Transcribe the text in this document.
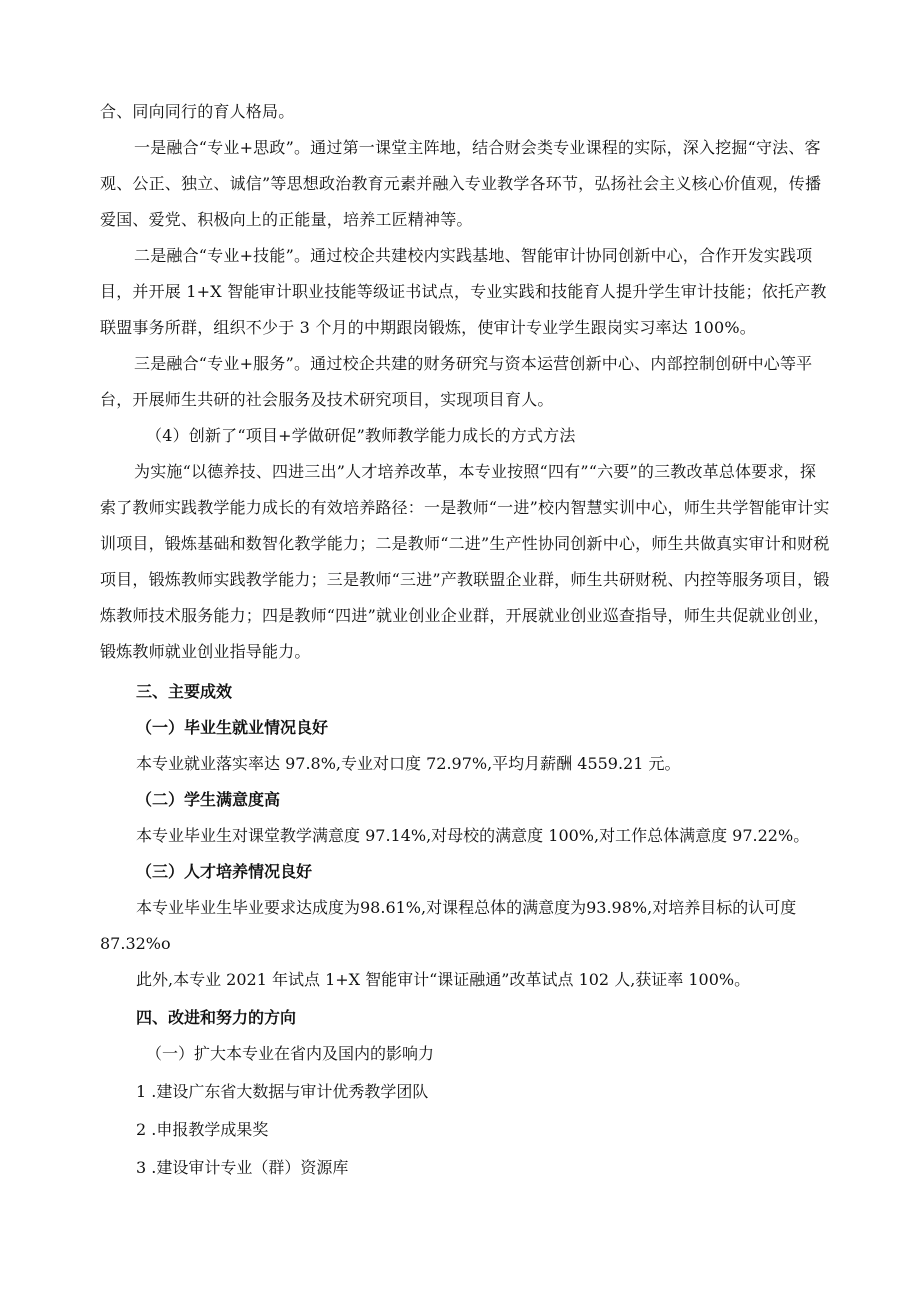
合、同向同行的育人格局。

一是融合“专业+思政”。通过第一课堂主阵地，结合财会类专业课程的实际，深入挖掘“守法、客观、公正、独立、诚信”等思想政治教育元素并融入专业教学各环节，弘扬社会主义核心价值观，传播爱国、爱党、积极向上的正能量，培养工匠精神等。

二是融合“专业+技能”。通过校企共建校内实践基地、智能审计协同创新中心，合作开发实践项目，并开展 1+X 智能审计职业技能等级证书试点，专业实践和技能育人提升学生审计技能；依托产教联盟事务所群，组织不少于 3 个月的中期跟岗锻炼，使审计专业学生跟岗实习率达 100%。

三是融合“专业+服务”。通过校企共建的财务研究与资本运营创新中心、内部控制创研中心等平台，开展师生共研的社会服务及技术研究项目，实现项目育人。

（4）创新了“项目+学做研促”教师教学能力成长的方式方法

为实施“以德养技、四进三出”人才培养改革，本专业按照“四有”“六要”的三教改革总体要求，探索了教师实践教学能力成长的有效培养路径：一是教师“一进”校内智慧实训中心，师生共学智能审计实训项目，锻炼基础和数智化教学能力；二是教师“二进”生产性协同创新中心，师生共做真实审计和财税项目，锻炼教师实践教学能力；三是教师“三进”产教联盟企业群，师生共研财税、内控等服务项目，锻炼教师技术服务能力；四是教师“四进”就业创业企业群，开展就业创业巡查指导，师生共促就业创业，锻炼教师就业创业指导能力。

三、主要成效

（一）毕业生就业情况良好

本专业就业落实率达 97.8%,专业对口度 72.97%,平均月薪酬 4559.21 元。

（二）学生满意度高

本专业毕业生对课堂教学满意度 97.14%,对母校的满意度 100%,对工作总体满意度 97.22%。

（三）人才培养情况良好

本专业毕业生毕业要求达成度为98.61%,对课程总体的满意度为93.98%,对培养目标的认可度

87.32%o

此外,本专业 2021 年试点 1+X 智能审计“课证融通”改革试点 102 人,获证率 100%。

四、改进和努力的方向

（一）扩大本专业在省内及国内的影响力

1 .建设广东省大数据与审计优秀教学团队

2 .申报教学成果奖

3 .建设审计专业（群）资源库
